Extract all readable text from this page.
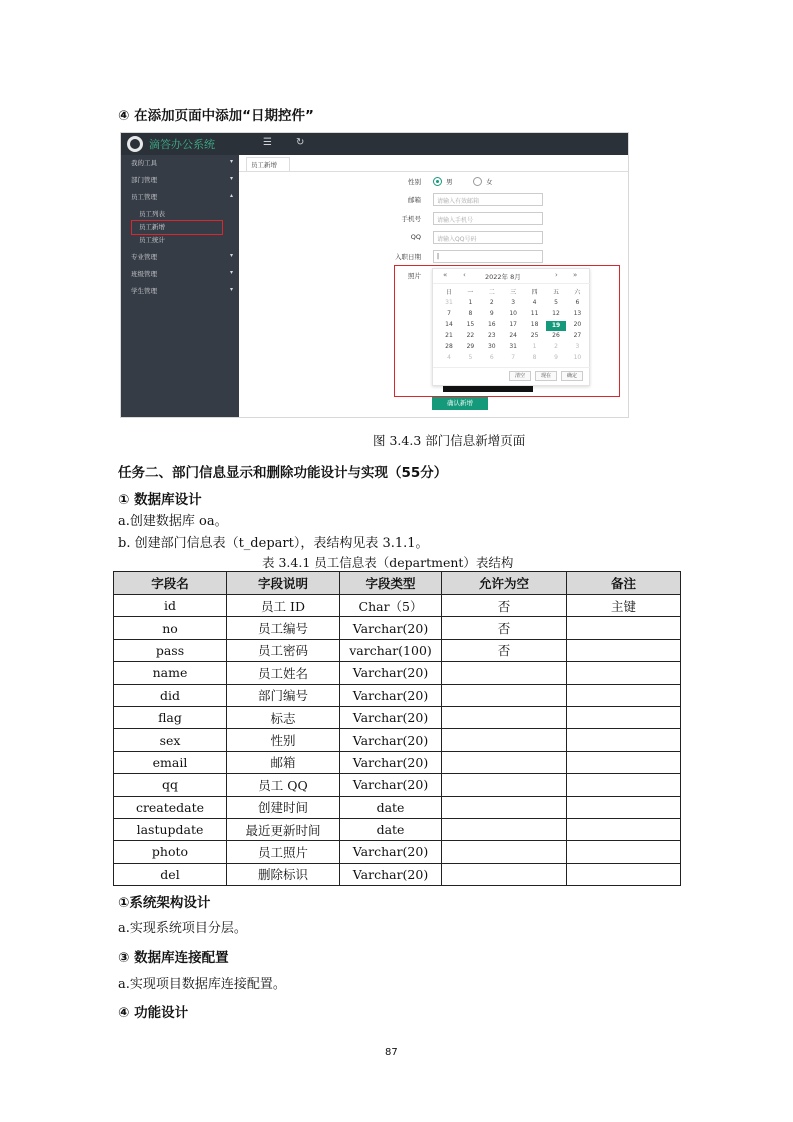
④ 在添加页面中添加“日期控件”
滴答办公系统	☰ ↻
我的工具	▾
部门管理	▾
员工管理	▴
员工列表
员工新增
员工统计
专业管理	▾
班级管理	▾
学生管理	▾
员工新增
性别	男	女
邮箱	请输入有效邮箱
手机号	请输入手机号
QQ	请输入QQ号码
入职日期	|
照片	« ‹	2022年 8月	› »
日	一	二	三	四	五	六
31	1	2	3	4	5	6
7	8	9	10	11	12	13
14	15	16	17	18	19	20
21	22	23	24	25	26	27
28	29	30	31	1	2	3
4	5	6	7	8	9	10
清空	现在	确定
确认新增
图 3.4.3 部门信息新增页面
任务二、部门信息显示和删除功能设计与实现（55分）
① 数据库设计
a.创建数据库 oa。
b. 创建部门信息表（t_depart），表结构见表 3.1.1。
表 3.4.1 员工信息表（department）表结构
字段名	字段说明	字段类型	允许为空	备注
id	员工 ID	Char（5）	否	主键
no	员工编号	Varchar(20)	否	
pass	员工密码	varchar(100)	否	
name	员工姓名	Varchar(20)		
did	部门编号	Varchar(20)		
flag	标志	Varchar(20)		
sex	性别	Varchar(20)		
email	邮箱	Varchar(20)		
qq	员工 QQ	Varchar(20)		
createdate	创建时间	date		
lastupdate	最近更新时间	date		
photo	员工照片	Varchar(20)		
del	删除标识	Varchar(20)		
①系统架构设计
a.实现系统项目分层。
③ 数据库连接配置
a.实现项目数据库连接配置。
④ 功能设计
87
